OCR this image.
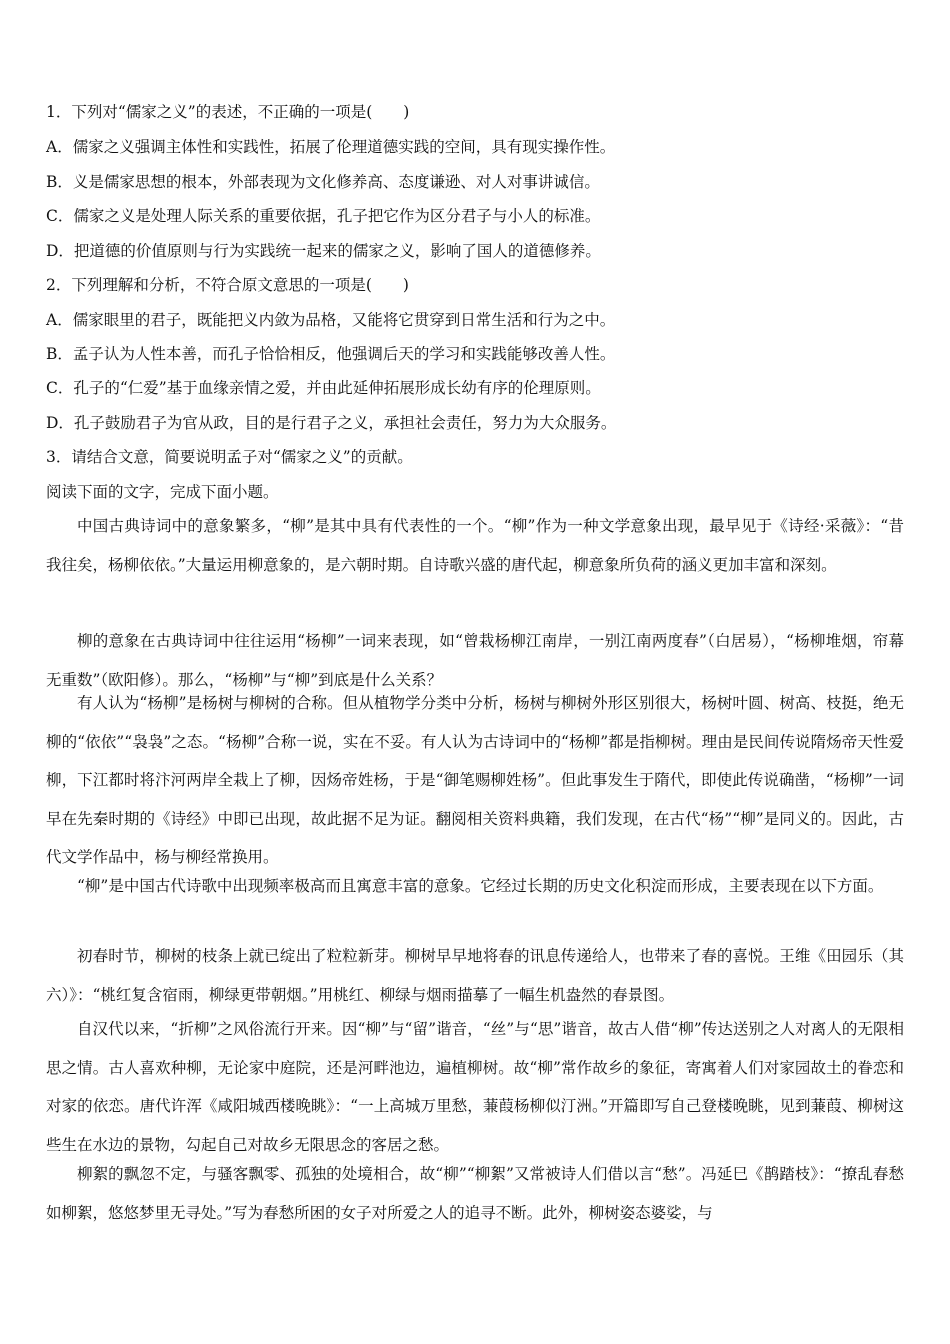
1．下列对“儒家之义”的表述，不正确的一项是(　　)
A．儒家之义强调主体性和实践性，拓展了伦理道德实践的空间，具有现实操作性。
B．义是儒家思想的根本，外部表现为文化修养高、态度谦逊、对人对事讲诚信。
C．儒家之义是处理人际关系的重要依据，孔子把它作为区分君子与小人的标准。
D．把道德的价值原则与行为实践统一起来的儒家之义，影响了国人的道德修养。
2．下列理解和分析，不符合原文意思的一项是(　　)
A．儒家眼里的君子，既能把义内敛为品格，又能将它贯穿到日常生活和行为之中。
B．孟子认为人性本善，而孔子恰恰相反，他强调后天的学习和实践能够改善人性。
C．孔子的“仁爱”基于血缘亲情之爱，并由此延伸拓展形成长幼有序的伦理原则。
D．孔子鼓励君子为官从政，目的是行君子之义，承担社会责任，努力为大众服务。
3．请结合文意，简要说明孟子对“儒家之义”的贡献。
阅读下面的文字，完成下面小题。
中国古典诗词中的意象繁多，“柳”是其中具有代表性的一个。“柳”作为一种文学意象出现，最早见于《诗经·采薇》：“昔我往矣，杨柳依依。”大量运用柳意象的，是六朝时期。自诗歌兴盛的唐代起，柳意象所负荷的涵义更加丰富和深刻。
柳的意象在古典诗词中往往运用“杨柳”一词来表现，如“曾栽杨柳江南岸，一别江南两度春”（白居易），“杨柳堆烟，帘幕无重数”（欧阳修）。那么，“杨柳”与“柳”到底是什么关系？
有人认为“杨柳”是杨树与柳树的合称。但从植物学分类中分析，杨树与柳树外形区别很大，杨树叶圆、树高、枝挺，绝无柳的“依依”“袅袅”之态。“杨柳”合称一说，实在不妥。有人认为古诗词中的“杨柳”都是指柳树。理由是民间传说隋炀帝天性爱柳，下江都时将汴河两岸全栽上了柳，因炀帝姓杨，于是“御笔赐柳姓杨”。但此事发生于隋代，即使此传说确凿，“杨柳”一词早在先秦时期的《诗经》中即已出现，故此据不足为证。翻阅相关资料典籍，我们发现，在古代“杨”“柳”是同义的。因此，古代文学作品中，杨与柳经常换用。
“柳”是中国古代诗歌中出现频率极高而且寓意丰富的意象。它经过长期的历史文化积淀而形成，主要表现在以下方面。
初春时节，柳树的枝条上就已绽出了粒粒新芽。柳树早早地将春的讯息传递给人，也带来了春的喜悦。王维《田园乐（其六）》：“桃红复含宿雨，柳绿更带朝烟。”用桃红、柳绿与烟雨描摹了一幅生机盎然的春景图。
自汉代以来，“折柳”之风俗流行开来。因“柳”与“留”谐音，“丝”与“思”谐音，故古人借“柳”传达送别之人对离人的无限相思之情。古人喜欢种柳，无论家中庭院，还是河畔池边，遍植柳树。故“柳”常作故乡的象征，寄寓着人们对家园故土的眷恋和对家的依恋。唐代许浑《咸阳城西楼晚眺》：“一上高城万里愁，蒹葭杨柳似汀洲。”开篇即写自己登楼晚眺，见到蒹葭、柳树这些生在水边的景物，勾起自己对故乡无限思念的客居之愁。
柳絮的飘忽不定，与骚客飘零、孤独的处境相合，故“柳”“柳絮”又常被诗人们借以言“愁”。冯延巳《鹊踏枝》：“撩乱春愁如柳絮，悠悠梦里无寻处。”写为春愁所困的女子对所爱之人的追寻不断。此外，柳树姿态婆娑，与
